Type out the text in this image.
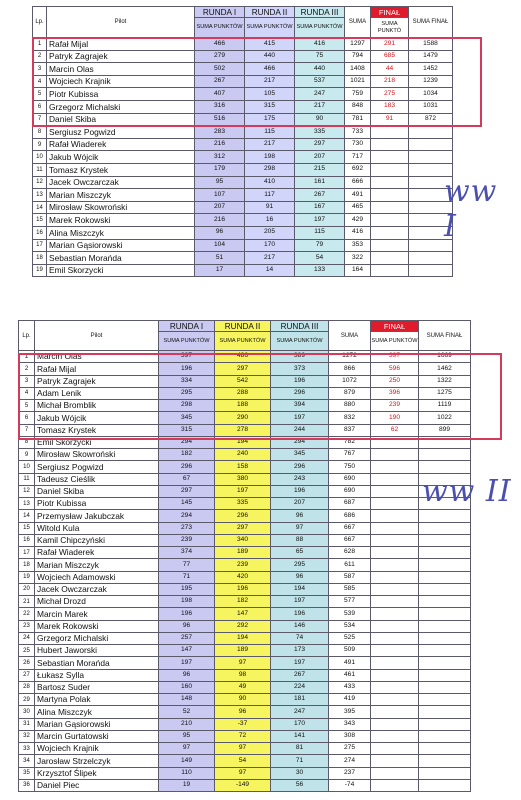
Lp.	Pilot	RUNDA I	RUNDA II	RUNDA III	SUMA	FINAŁ	SUMA FINAŁ
		SUMA PUNKTÓW	SUMA PUNKTÓW	SUMA PUNKTÓW		SUMA PUNKTÓ	
1	Rafał Mijal	466	415	416	1297	291	1588
2	Patryk Zagrajek	279	440	75	794	685	1479
3	Marcin Olas	502	466	440	1408	44	1452
4	Wojciech Krajnik	267	217	537	1021	218	1239
5	Piotr Kubissa	407	105	247	759	275	1034
6	Grzegorz Michalski	316	315	217	848	183	1031
7	Daniel Skiba	516	175	90	781	91	872
8	Sergiusz Pogwizd	283	115	335	733		
9	Rafał Wiaderek	216	217	297	730		
10	Jakub Wójcik	312	198	207	717		
11	Tomasz Krystek	179	298	215	692		
12	Jacek Owczarczak	95	410	161	666		
13	Marian Miszczyk	107	117	267	491		
14	Mirosław Skowroński	207	91	167	465		
15	Marek Rokowski	216	16	197	429		
16	Alina Miszczyk	96	205	115	416		
17	Marian Gąsiorowski	104	170	79	353		
18	Sebastian Morańda	51	217	54	322		
19	Emil Skorzycki	17	14	133	164		
ww I
Lp.	Pilot	RUNDA I	RUNDA II	RUNDA III	SUMA	FINAŁ	SUMA FINAŁ
		SUMA PUNKTÓW	SUMA PUNKTÓW	SUMA PUNKTÓW		SUMA PUNKTÓW	
1	Marcin Olas	397	486	389	1272	397	1669
2	Rafał Mijal	196	297	373	866	596	1462
3	Patryk Zagrajek	334	542	196	1072	250	1322
4	Adam Lenik	295	288	296	879	396	1275
5	Michał Bromblik	298	188	394	880	239	1119
6	Jakub Wójcik	345	290	197	832	190	1022
7	Tomasz Krystek	315	278	244	837	62	899
8	Emil Skorzycki	294	194	294	782		
9	Mirosław Skowroński	182	240	345	767		
10	Sergiusz Pogwizd	296	158	296	750		
11	Tadeusz Cieślik	67	380	243	690		
12	Daniel Skiba	297	197	196	690		
13	Piotr Kubissa	145	335	207	687		
14	Przemysław Jakubczak	294	296	96	686		
15	Witold Kula	273	297	97	667		
16	Kamil Chipczyński	239	340	88	667		
17	Rafał Wiaderek	374	189	65	628		
18	Marian Miszczyk	77	239	295	611		
19	Wojciech Adamowski	71	420	96	587		
20	Jacek Owczarczak	195	196	194	585		
21	Michał Drozd	198	182	197	577		
22	Marcin Marek	196	147	196	539		
23	Marek Rokowski	96	292	146	534		
24	Grzegorz Michalski	257	194	74	525		
25	Hubert Jaworski	147	189	173	509		
26	Sebastian Morańda	197	97	197	491		
27	Łukasz Sylla	96	98	267	461		
28	Bartosz Suder	160	49	224	433		
29	Martyna Polak	148	90	181	419		
30	Alina Miszczyk	52	96	247	395		
31	Marian Gąsiorowski	210	-37	170	343		
32	Marcin Gurtatowski	95	72	141	308		
33	Wojciech Krajnik	97	97	81	275		
34	Jarosław Strzelczyk	149	54	71	274		
35	Krzysztof Ślipek	110	97	30	237		
36	Daniel Piec	19	-149	56	-74		
ww II
